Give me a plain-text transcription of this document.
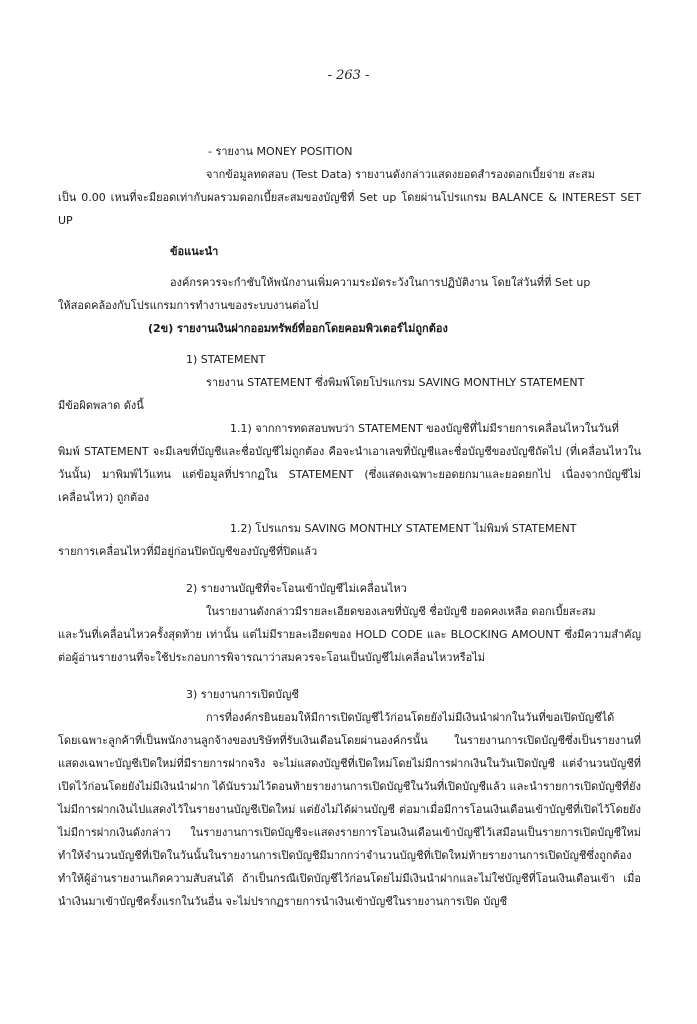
- 263 -
- รายงาน MONEY POSITION
จากข้อมูลทดสอบ (Test Data) รายงานดังกล่าวแสดงยอดสำรองดอกเบี้ยจ่าย สะสม
เป็น 0.00 เหนที่จะมียอดเท่ากับผลรวมดอกเบี้ยสะสมของบัญชีที่ Set up โดยผ่านโปรแกรม BALANCE & INTEREST SET UP
ข้อแนะนำ
องค์กรควรจะกำชับให้พนักงานเพิ่มความระมัดระวังในการปฏิบัติงาน โดยใส่วันที่ที่ Set up
ให้สอดคล้องกับโปรแกรมการทำงานของระบบงานต่อไป
(2ข) รายงานเงินฝากออมทรัพย์ที่ออกโดยคอมพิวเตอร์ไม่ถูกต้อง
1) STATEMENT
รายงาน STATEMENT ซึ่งพิมพ์โดยโปรแกรม SAVING MONTHLY STATEMENT
มีข้อผิดพลาด ดังนี้
1.1) จากการทดสอบพบว่า STATEMENT ของบัญชีที่ไม่มีรายการเคลื่อนไหวในวันที่
พิมพ์ STATEMENT จะมีเลขที่บัญชีและชื่อบัญชีไม่ถูกต้อง คือจะนำเอาเลขที่บัญชีและชื่อบัญชีของบัญชีถัดไป (ที่เคลื่อนไหวในวันนั้น) มาพิมพ์ไว้แทน แต่ข้อมูลที่ปรากฏใน STATEMENT (ซึ่งแสดงเฉพาะยอดยกมาและยอดยกไป เนื่องจากบัญชีไม่เคลื่อนไหว) ถูกต้อง
1.2) โปรแกรม SAVING MONTHLY STATEMENT ไม่พิมพ์ STATEMENT
รายการเคลื่อนไหวที่มีอยู่ก่อนปิดบัญชีของบัญชีที่ปิดแล้ว
2) รายงานบัญชีที่จะโอนเข้าบัญชีไม่เคลื่อนไหว
ในรายงานดังกล่าวมีรายละเอียดของเลขที่บัญชี ชื่อบัญชี ยอดคงเหลือ ดอกเบี้ยสะสม
และวันที่เคลื่อนไหวครั้งสุดท้าย เท่านั้น แต่ไม่มีรายละเอียดของ HOLD CODE และ BLOCKING AMOUNT ซึ่งมีความสำคัญต่อผู้อ่านรายงานที่จะใช้ประกอบการพิจารณาว่าสมควรจะโอนเป็นบัญชีไม่เคลื่อนไหวหรือไม่
3) รายงานการเปิดบัญชี
การที่องค์กรยินยอมให้มีการเปิดบัญชีไว้ก่อนโดยยังไม่มีเงินนำฝากในวันที่ขอเปิดบัญชีได้
โดยเฉพาะลูกค้าที่เป็นพนักงานลูกจ้างของบริษัทที่รับเงินเดือนโดยผ่านองค์กรนั้น ในรายงานการเปิดบัญชีซึ่งเป็นรายงานที่แสดงเฉพาะบัญชีเปิดใหม่ที่มีรายการฝากจริง จะไม่แสดงบัญชีที่เปิดใหม่โดยไม่มีการฝากเงินในวันเปิดบัญชี แต่จำนวนบัญชีที่เปิดไว้ก่อนโดยยังไม่มีเงินนำฝาก ได้นับรวมไว้ตอนท้ายรายงานการเปิดบัญชีในวันที่เปิดบัญชีแล้ว และนำรายการเปิดบัญชีที่ยังไม่มีการฝากเงินไปแสดงไว้ในรายงานบัญชีเปิดใหม่ แต่ยังไม่ได้ผ่านบัญชี ต่อมาเมื่อมีการโอนเงินเดือนเข้าบัญชีที่เปิดไว้โดยยังไม่มีการฝากเงินดังกล่าว ในรายงานการเปิดบัญชีจะแสดงรายการโอนเงินเดือนเข้าบัญชีไว้เสมือนเป็นรายการเปิดบัญชีใหม่ทำให้จำนวนบัญชีที่เปิดในวันนั้นในรายงานการเปิดบัญชีมีมากกว่าจำนวนบัญชีที่เปิดใหม่ท้ายรายงานการเปิดบัญชีซึ่งถูกต้อง ทำให้ผู้อ่านรายงานเกิดความสับสนได้ ถ้าเป็นกรณีเปิดบัญชีไว้ก่อนโดยไม่มีเงินนำฝากและไม่ใช่บัญชีที่โอนเงินเดือนเข้า เมื่อนำเงินมาเข้าบัญชีครั้งแรกในวันอื่น จะไม่ปรากฏรายการนำเงินเข้าบัญชีในรายงานการเปิด บัญชี
